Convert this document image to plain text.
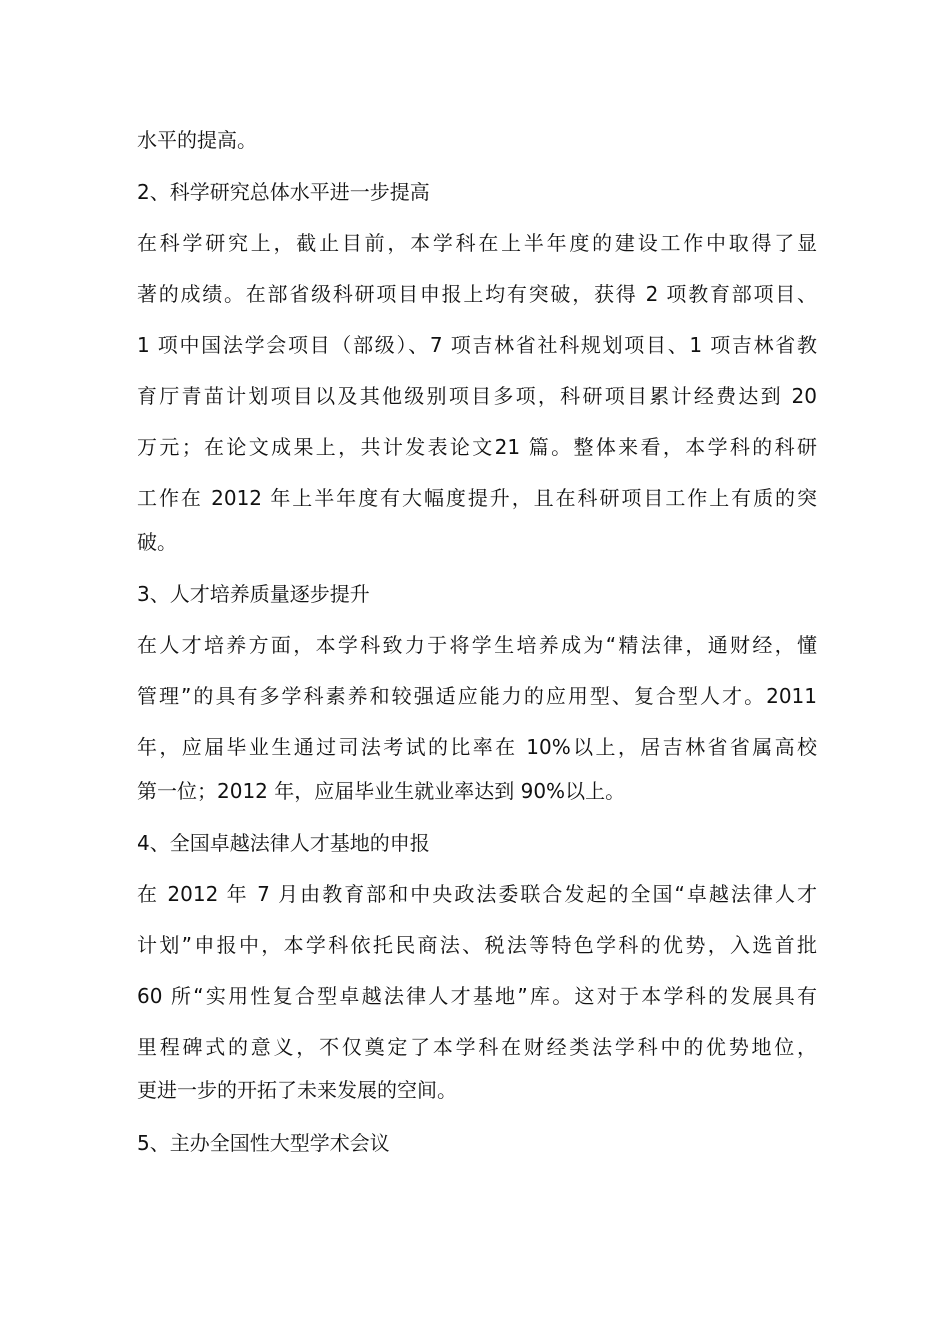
水平的提高。
2、科学研究总体水平进一步提高
在科学研究上，截止目前，本学科在上半年度的建设工作中取得了显
著的成绩。在部省级科研项目申报上均有突破，获得 2 项教育部项目、
1 项中国法学会项目（部级）、7 项吉林省社科规划项目、1 项吉林省教
育厅青苗计划项目以及其他级别项目多项，科研项目累计经费达到 20
万元；在论文成果上，共计发表论文21 篇。整体来看，本学科的科研
工作在 2012 年上半年度有大幅度提升，且在科研项目工作上有质的突
破。
3、人才培养质量逐步提升
在人才培养方面，本学科致力于将学生培养成为“精法律，通财经，懂
管理”的具有多学科素养和较强适应能力的应用型、复合型人才。2011
年，应届毕业生通过司法考试的比率在 10%以上，居吉林省省属高校
第一位；2012 年，应届毕业生就业率达到 90%以上。
4、全国卓越法律人才基地的申报
在 2012 年 7 月由教育部和中央政法委联合发起的全国“卓越法律人才
计划”申报中，本学科依托民商法、税法等特色学科的优势，入选首批
60 所“实用性复合型卓越法律人才基地”库。这对于本学科的发展具有
里程碑式的意义，不仅奠定了本学科在财经类法学科中的优势地位，
更进一步的开拓了未来发展的空间。
5、主办全国性大型学术会议
